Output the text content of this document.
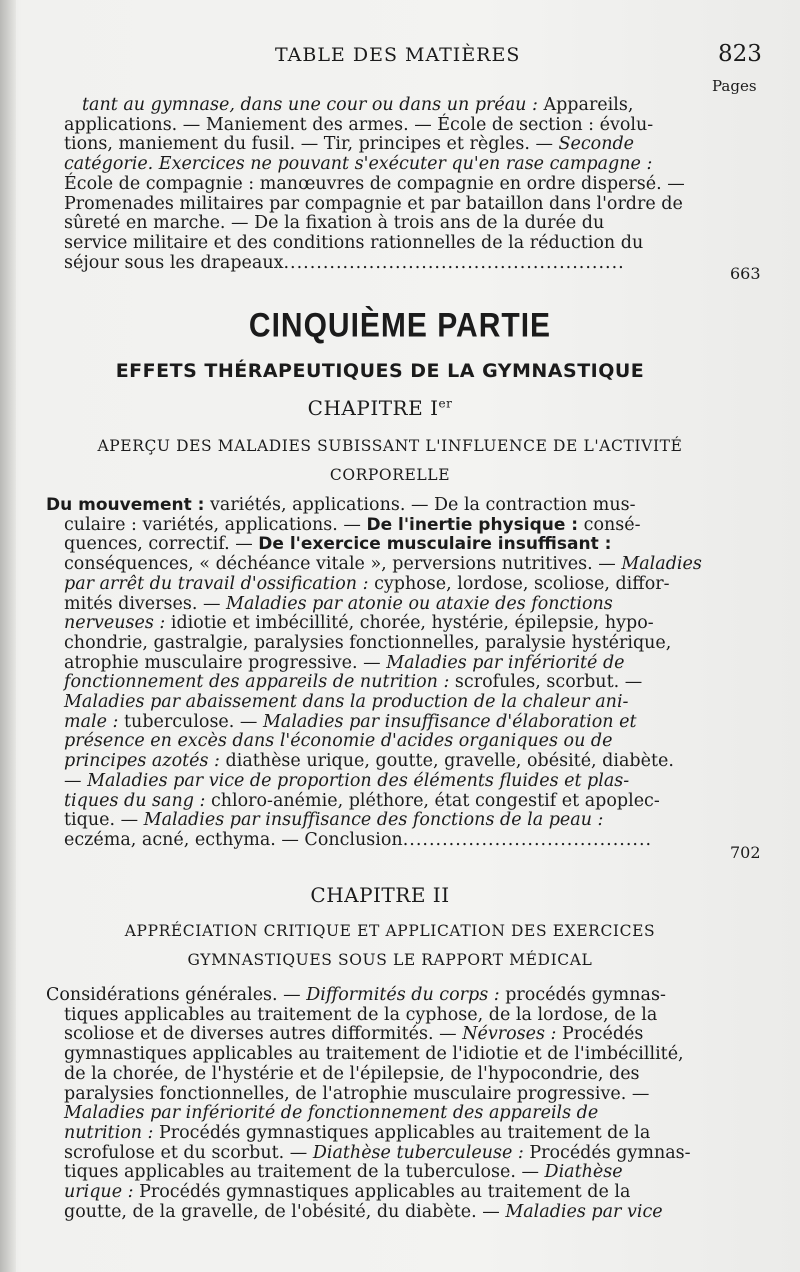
TABLE DES MATIÈRES	823
Pages
tant au gymnase, dans une cour ou dans un préau : Appareils,
applications. — Maniement des armes. — École de section : évolu-
tions, maniement du fusil. — Tir, principes et règles. — Seconde
catégorie. Exercices ne pouvant s'exécuter qu'en rase campagne :
École de compagnie : manœuvres de compagnie en ordre dispersé. —
Promenades militaires par compagnie et par bataillon dans l'ordre de
sûreté en marche. — De la fixation à trois ans de la durée du
service militaire et des conditions rationnelles de la réduction du
séjour sous les drapeaux....................................................
663
CINQUIÈME PARTIE
EFFETS THÉRAPEUTIQUES DE LA GYMNASTIQUE
CHAPITRE Ier
APERÇU DES MALADIES SUBISSANT L'INFLUENCE DE L'ACTIVITÉ
CORPORELLE
Du mouvement : variétés, applications. — De la contraction mus-
culaire : variétés, applications. — De l'inertie physique : consé-
quences, correctif. — De l'exercice musculaire insuffisant :
conséquences, « déchéance vitale », perversions nutritives. — Maladies
par arrêt du travail d'ossification : cyphose, lordose, scoliose, diffor-
mités diverses. — Maladies par atonie ou ataxie des fonctions
nerveuses : idiotie et imbécillité, chorée, hystérie, épilepsie, hypo-
chondrie, gastralgie, paralysies fonctionnelles, paralysie hystérique,
atrophie musculaire progressive. — Maladies par infériorité de
fonctionnement des appareils de nutrition : scrofules, scorbut. —
Maladies par abaissement dans la production de la chaleur ani-
male : tuberculose. — Maladies par insuffisance d'élaboration et
présence en excès dans l'économie d'acides organiques ou de
principes azotés : diathèse urique, goutte, gravelle, obésité, diabète.
— Maladies par vice de proportion des éléments fluides et plas-
tiques du sang : chloro-anémie, pléthore, état congestif et apoplec-
tique. — Maladies par insuffisance des fonctions de la peau :
eczéma, acné, ecthyma. — Conclusion......................................
702
CHAPITRE II
APPRÉCIATION CRITIQUE ET APPLICATION DES EXERCICES
GYMNASTIQUES SOUS LE RAPPORT MÉDICAL
Considérations générales. — Difformités du corps : procédés gymnas-
tiques applicables au traitement de la cyphose, de la lordose, de la
scoliose et de diverses autres difformités. — Névroses : Procédés
gymnastiques applicables au traitement de l'idiotie et de l'imbécillité,
de la chorée, de l'hystérie et de l'épilepsie, de l'hypocondrie, des
paralysies fonctionnelles, de l'atrophie musculaire progressive. —
Maladies par infériorité de fonctionnement des appareils de
nutrition : Procédés gymnastiques applicables au traitement de la
scrofulose et du scorbut. — Diathèse tuberculeuse : Procédés gymnas-
tiques applicables au traitement de la tuberculose. — Diathèse
urique : Procédés gymnastiques applicables au traitement de la
goutte, de la gravelle, de l'obésité, du diabète. — Maladies par vice
